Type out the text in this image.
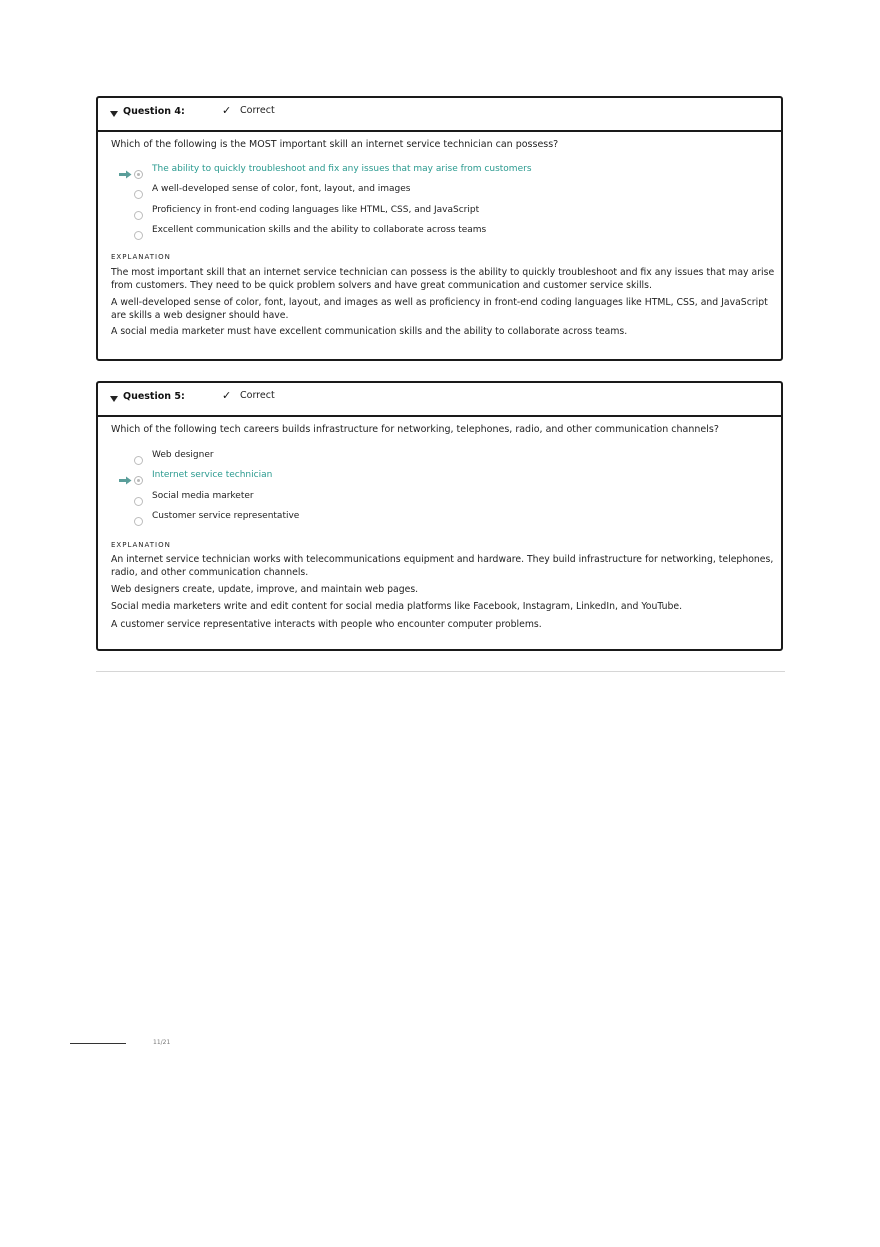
Question 4:	✓ Correct
Which of the following is the MOST important skill an internet service technician can possess?
The ability to quickly troubleshoot and fix any issues that may arise from customers
A well-developed sense of color, font, layout, and images
Proficiency in front-end coding languages like HTML, CSS, and JavaScript
Excellent communication skills and the ability to collaborate across teams
EXPLANATION
The most important skill that an internet service technician can possess is the ability to quickly troubleshoot and fix any issues that may arise from customers. They need to be quick problem solvers and have great communication and customer service skills.
A well-developed sense of color, font, layout, and images as well as proficiency in front-end coding languages like HTML, CSS, and JavaScript are skills a web designer should have.
A social media marketer must have excellent communication skills and the ability to collaborate across teams.
Question 5:	✓ Correct
Which of the following tech careers builds infrastructure for networking, telephones, radio, and other communication channels?
Web designer
Internet service technician
Social media marketer
Customer service representative
EXPLANATION
An internet service technician works with telecommunications equipment and hardware. They build infrastructure for networking, telephones, radio, and other communication channels.
Web designers create, update, improve, and maintain web pages.
Social media marketers write and edit content for social media platforms like Facebook, Instagram, LinkedIn, and YouTube.
A customer service representative interacts with people who encounter computer problems.
11/21
